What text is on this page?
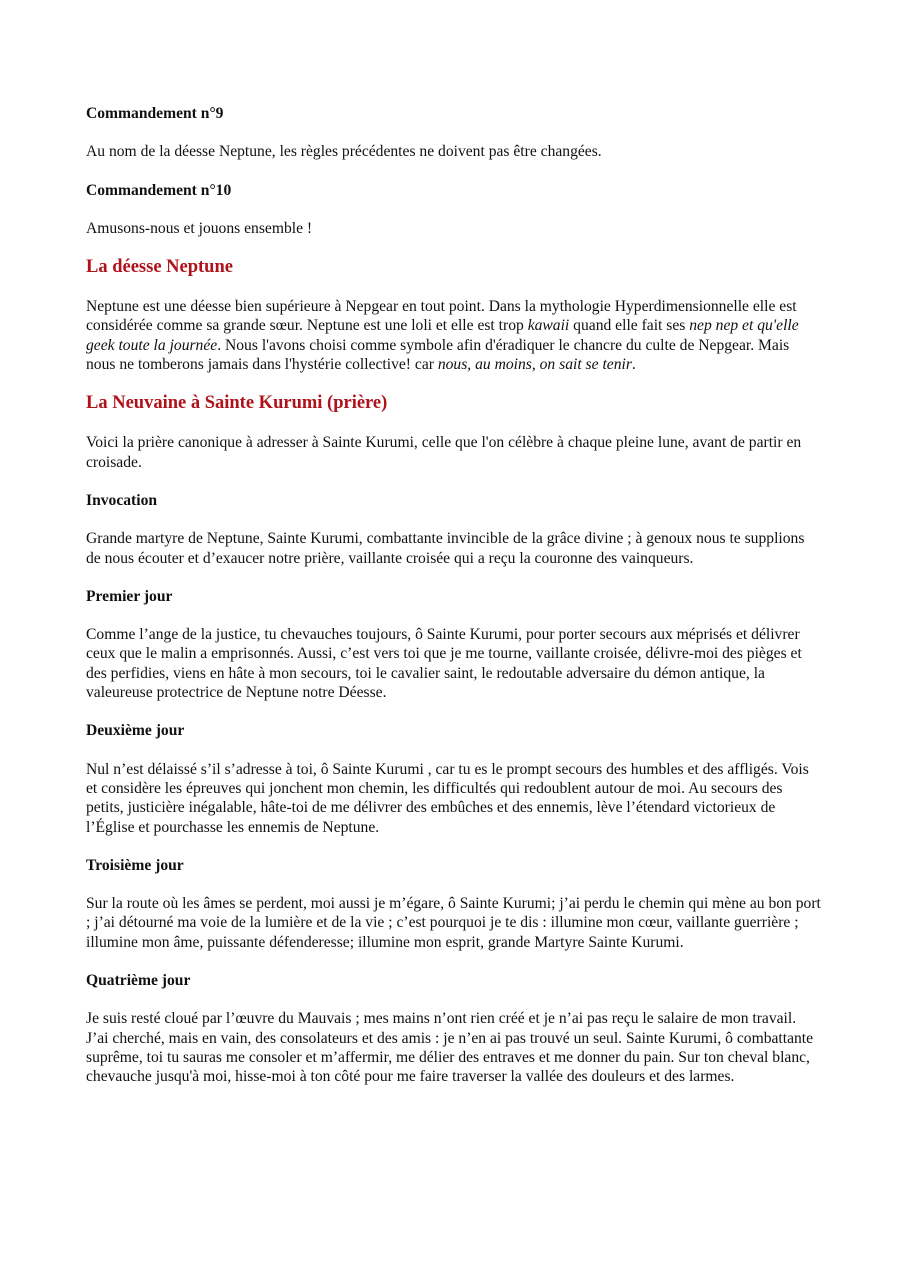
Commandement n°9

Au nom de la déesse Neptune, les règles précédentes ne doivent pas être changées.

Commandement n°10

Amusons-nous et jouons ensemble !

La déesse Neptune

Neptune est une déesse bien supérieure à Nepgear en tout point. Dans la mythologie Hyperdimensionnelle elle est considérée comme sa grande sœur. Neptune est une loli et elle est trop kawaii quand elle fait ses nep nep et qu'elle geek toute la journée. Nous l'avons choisi comme symbole afin d'éradiquer le chancre du culte de Nepgear. Mais nous ne tomberons jamais dans l'hystérie collective! car nous, au moins, on sait se tenir.

La Neuvaine à Sainte Kurumi (prière)

Voici la prière canonique à adresser à Sainte Kurumi, celle que l'on célèbre à chaque pleine lune, avant de partir en croisade.

Invocation

Grande martyre de Neptune, Sainte Kurumi, combattante invincible de la grâce divine ; à genoux nous te supplions de nous écouter et d’exaucer notre prière, vaillante croisée qui a reçu la couronne des vainqueurs.

Premier jour

Comme l’ange de la justice, tu chevauches toujours, ô Sainte Kurumi, pour porter secours aux méprisés et délivrer ceux que le malin a emprisonnés. Aussi, c’est vers toi que je me tourne, vaillante croisée, délivre-moi des pièges et des perfidies, viens en hâte à mon secours, toi le cavalier saint, le redoutable adversaire du démon antique, la valeureuse protectrice de Neptune notre Déesse.

Deuxième jour

Nul n’est délaissé s’il s’adresse à toi, ô Sainte Kurumi , car tu es le prompt secours des humbles et des affligés. Vois et considère les épreuves qui jonchent mon chemin, les difficultés qui redoublent autour de moi. Au secours des petits, justicière inégalable, hâte-toi de me délivrer des embûches et des ennemis, lève l’étendard victorieux de l’Église et pourchasse les ennemis de Neptune.

Troisième jour

Sur la route où les âmes se perdent, moi aussi je m’égare, ô Sainte Kurumi; j’ai perdu le chemin qui mène au bon port ; j’ai détourné ma voie de la lumière et de la vie ; c’est pourquoi je te dis : illumine mon cœur, vaillante guerrière ; illumine mon âme, puissante défenderesse; illumine mon esprit, grande Martyre Sainte Kurumi.

Quatrième jour

Je suis resté cloué par l’œuvre du Mauvais ; mes mains n’ont rien créé et je n’ai pas reçu le salaire de mon travail. J’ai cherché, mais en vain, des consolateurs et des amis : je n’en ai pas trouvé un seul. Sainte Kurumi, ô combattante suprême, toi tu sauras me consoler et m’affermir, me délier des entraves et me donner du pain. Sur ton cheval blanc, chevauche jusqu'à moi, hisse-moi à ton côté pour me faire traverser la vallée des douleurs et des larmes.
